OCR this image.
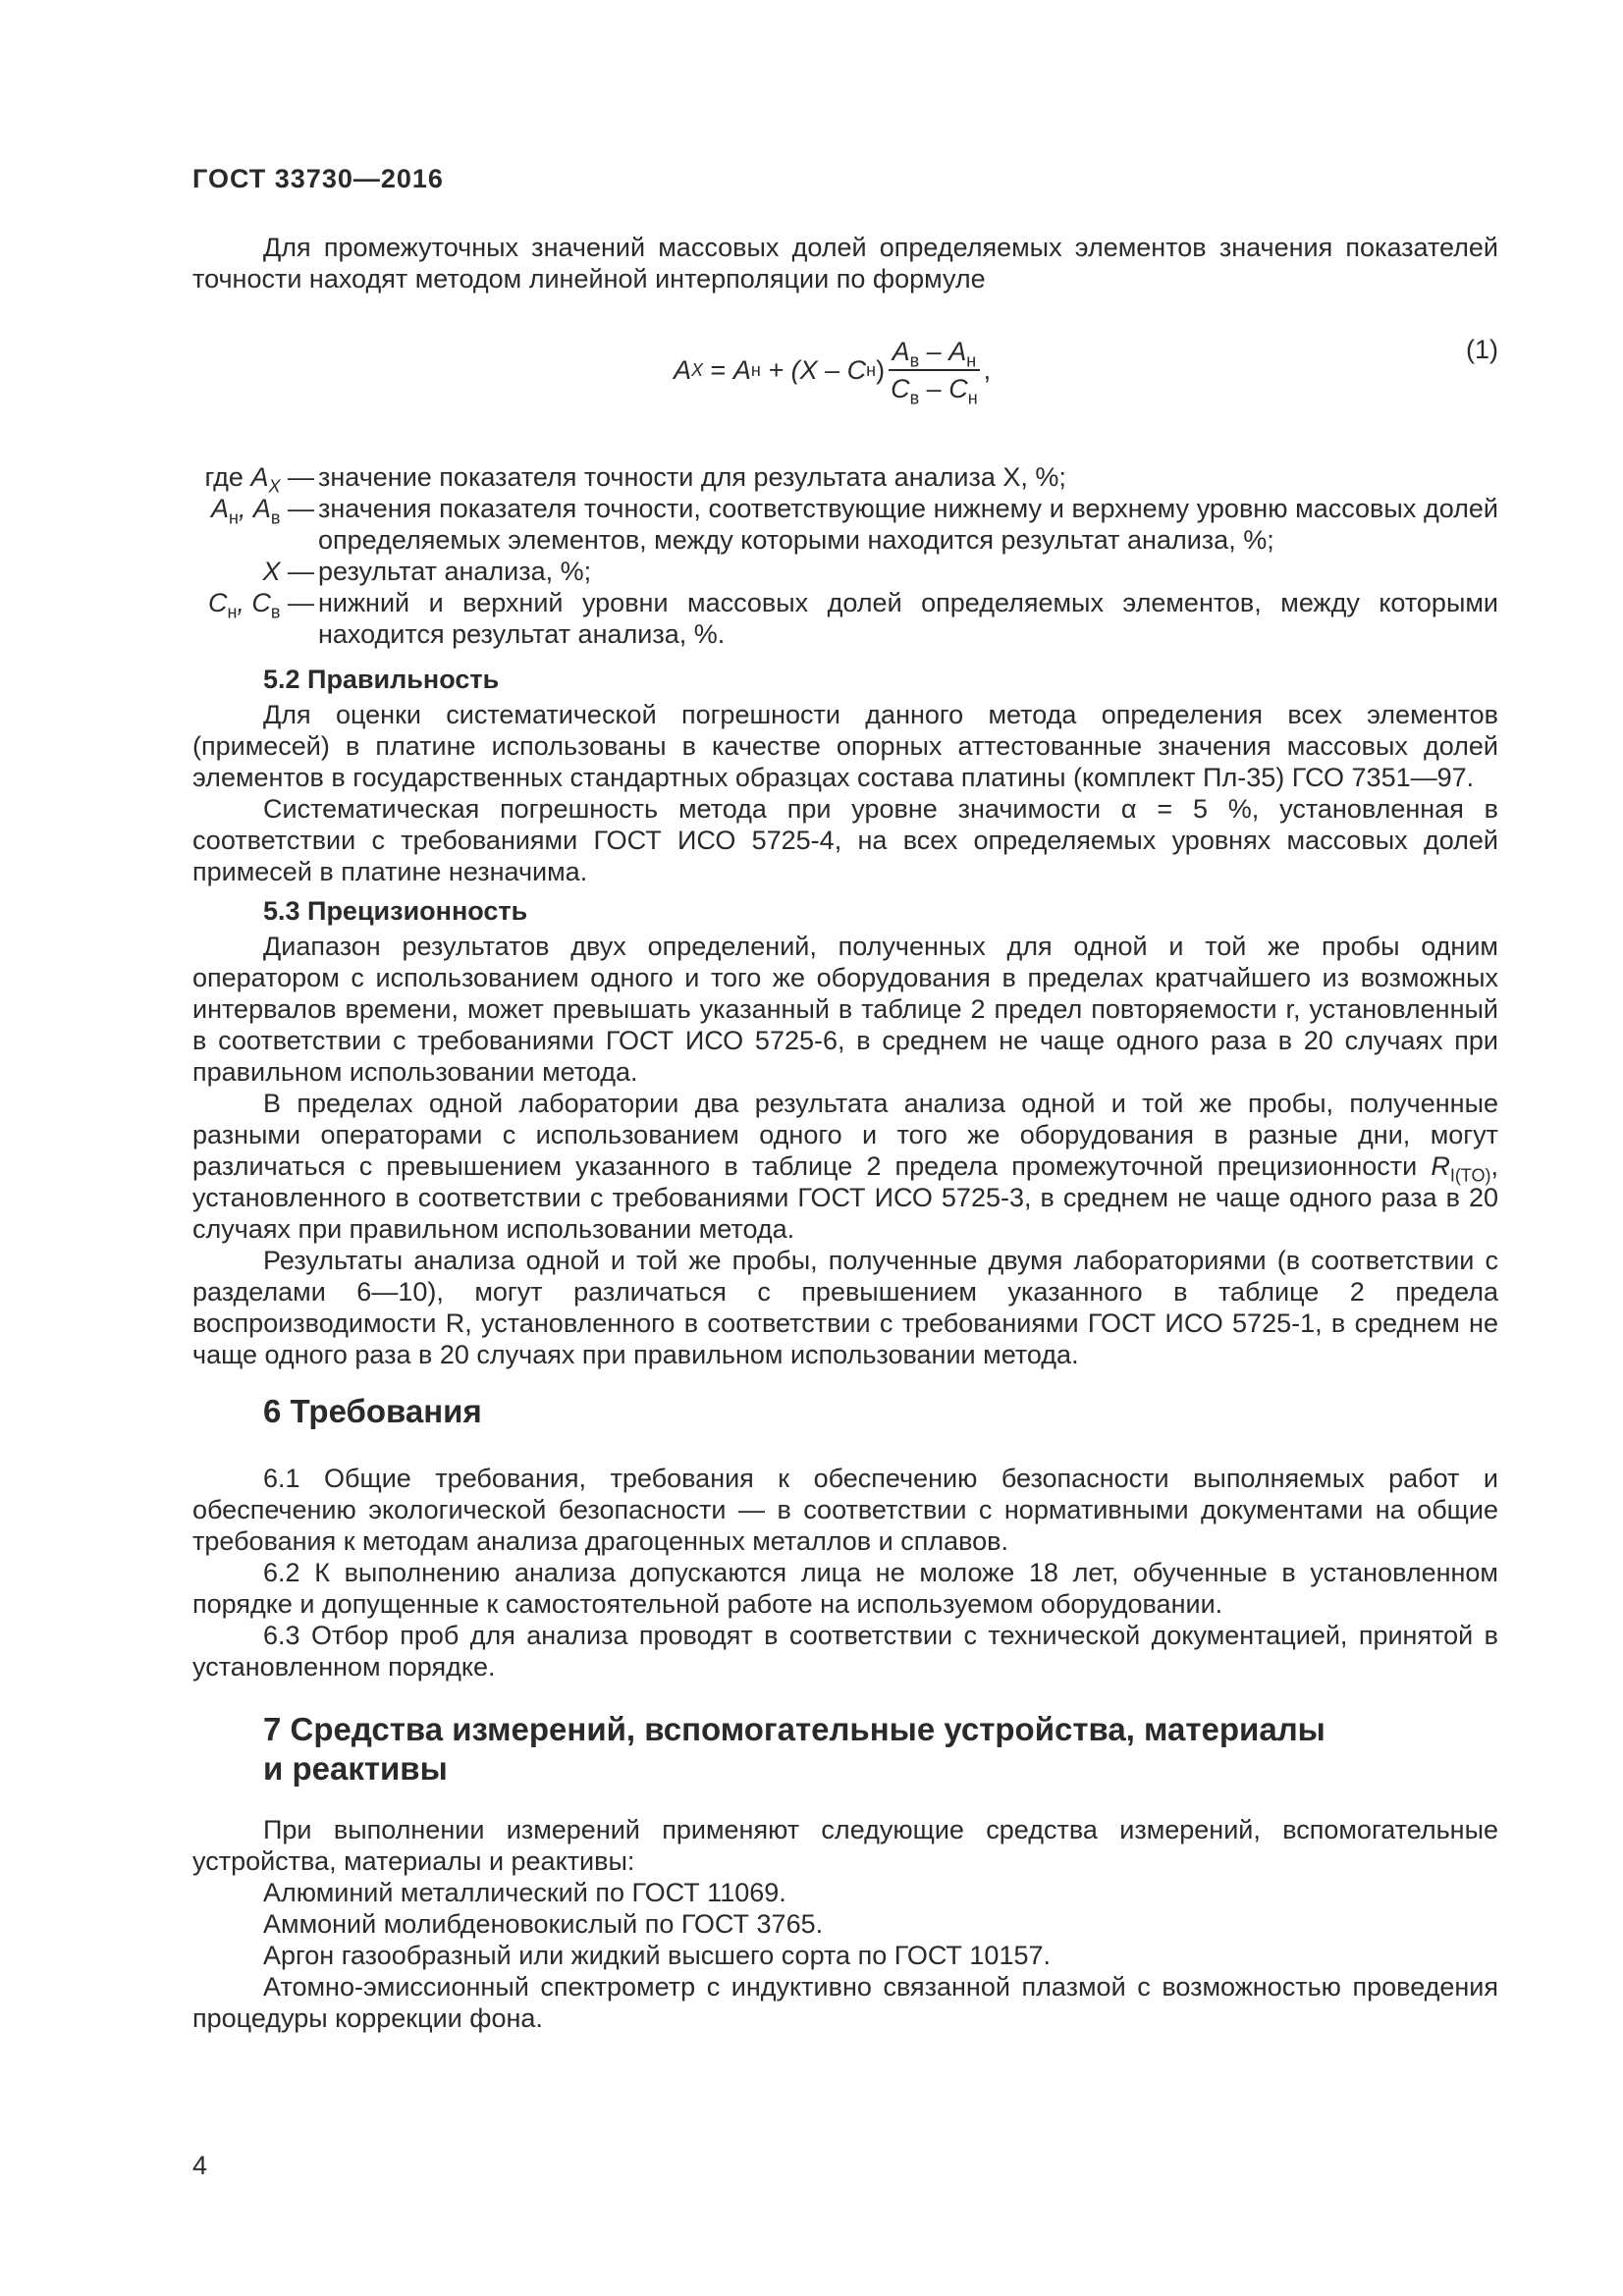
ГОСТ 33730—2016

Для промежуточных значений массовых долей определяемых элементов значения показателей точности находят методом линейной интерполяции по формуле

A X
=
A н
+ (X –
C н ) $\frac{A_в - A_н}{C_в - C_н}$ ,
(1)
где $A_X$ — значение показателя точности для результата анализа X, %;
$A_н$, $A_в$ — значения показателя точности, соответствующие нижнему и верхнему уровню массовых долей определяемых элементов, между которыми находится результат анализа, %;
X — результат анализа, %;
$C_н$, $C_в$ — нижний и верхний уровни массовых долей определяемых элементов, между которыми находится результат анализа, %.
5.2 Правильность

Для оценки систематической погрешности данного метода определения всех элементов (примесей) в платине использованы в качестве опорных аттестованные значения массовых долей элементов в государственных стандартных образцах состава платины (комплект Пл-35) ГСО 7351—97.

Систематическая погрешность метода при уровне значимости α = 5 %, установленная в соответствии с требованиями ГОСТ ИСО 5725-4, на всех определяемых уровнях массовых долей примесей в платине незначима.

5.3 Прецизионность

Диапазон результатов двух определений, полученных для одной и той же пробы одним оператором с использованием одного и того же оборудования в пределах кратчайшего из возможных интервалов времени, может превышать указанный в таблице 2 предел повторяемости r, установленный в соответствии с требованиями ГОСТ ИСО 5725-6, в среднем не чаще одного раза в 20 случаях при правильном использовании метода.

В пределах одной лаборатории два результата анализа одной и той же пробы, полученные разными операторами с использованием одного и того же оборудования в разные дни, могут различаться с превышением указанного в таблице 2 предела промежуточной прецизионности $R_{I(TO)}$, установленного в соответствии с требованиями ГОСТ ИСО 5725-3, в среднем не чаще одного раза в 20 случаях при правильном использовании метода.

Результаты анализа одной и той же пробы, полученные двумя лабораториями (в соответствии с разделами 6—10), могут различаться с превышением указанного в таблице 2 предела воспроизводимости R, установленного в соответствии с требованиями ГОСТ ИСО 5725-1, в среднем не чаще одного раза в 20 случаях при правильном использовании метода.

6 Требования

6.1 Общие требования, требования к обеспечению безопасности выполняемых работ и обеспечению экологической безопасности — в соответствии с нормативными документами на общие требования к методам анализа драгоценных металлов и сплавов.

6.2 К выполнению анализа допускаются лица не моложе 18 лет, обученные в установленном порядке и допущенные к самостоятельной работе на используемом оборудовании.

6.3 Отбор проб для анализа проводят в соответствии с технической документацией, принятой в установленном порядке.

7 Средства измерений, вспомогательные устройства, материалы
и реактивы

При выполнении измерений применяют следующие средства измерений, вспомогательные устройства, материалы и реактивы:

Алюминий металлический по ГОСТ 11069.

Аммоний молибденовокислый по ГОСТ 3765.

Аргон газообразный или жидкий высшего сорта по ГОСТ 10157.

Атомно-эмиссионный спектрометр с индуктивно связанной плазмой с возможностью проведения процедуры коррекции фона.

4
